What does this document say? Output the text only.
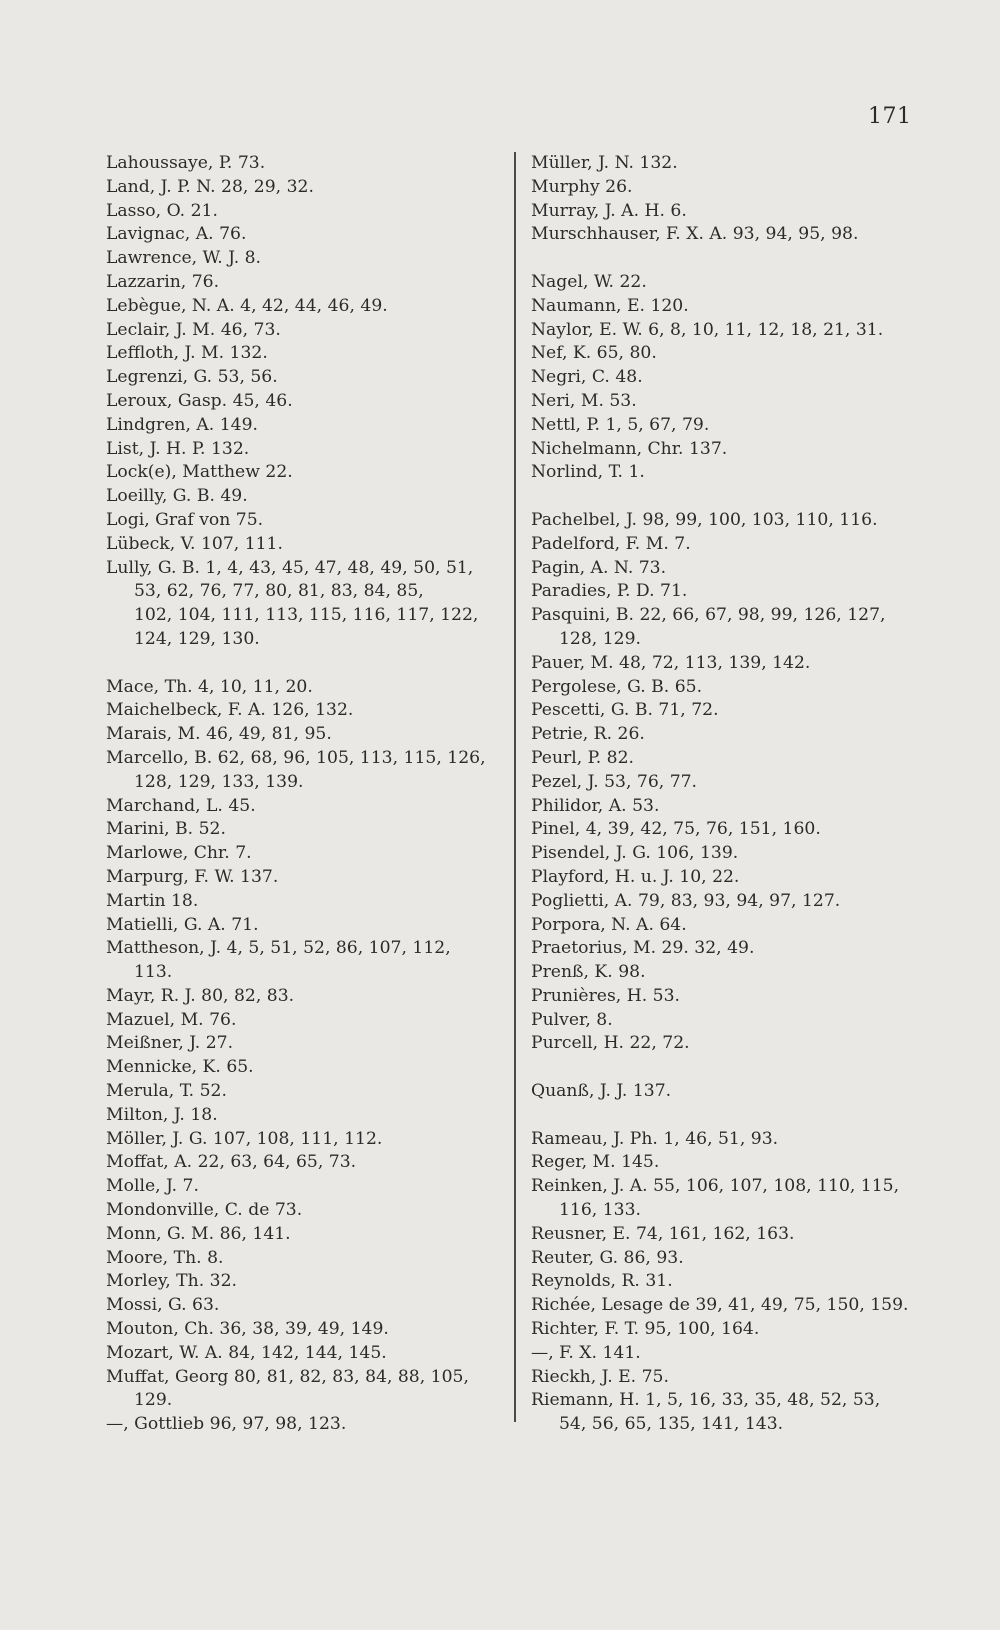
171
Lahoussaye, P. 73.
Land, J. P. N. 28, 29, 32.
Lasso, O. 21.
Lavignac, A. 76.
Lawrence, W. J. 8.
Lazzarin, 76.
Lebègue, N. A. 4, 42, 44, 46, 49.
Leclair, J. M. 46, 73.
Leffloth, J. M. 132.
Legrenzi, G. 53, 56.
Leroux, Gasp. 45, 46.
Lindgren, A. 149.
List, J. H. P. 132.
Lock(e), Matthew 22.
Loeilly, G. B. 49.
Logi, Graf von 75.
Lübeck, V. 107, 111.
Lully, G. B. 1, 4, 43, 45, 47, 48, 49, 50, 51,
53, 62, 76, 77, 80, 81, 83, 84, 85,
102, 104, 111, 113, 115, 116, 117, 122,
124, 129, 130.
Mace, Th. 4, 10, 11, 20.
Maichelbeck, F. A. 126, 132.
Marais, M. 46, 49, 81, 95.
Marcello, B. 62, 68, 96, 105, 113, 115, 126,
128, 129, 133, 139.
Marchand, L. 45.
Marini, B. 52.
Marlowe, Chr. 7.
Marpurg, F. W. 137.
Martin 18.
Matielli, G. A. 71.
Mattheson, J. 4, 5, 51, 52, 86, 107, 112,
113.
Mayr, R. J. 80, 82, 83.
Mazuel, M. 76.
Meißner, J. 27.
Mennicke, K. 65.
Merula, T. 52.
Milton, J. 18.
Möller, J. G. 107, 108, 111, 112.
Moffat, A. 22, 63, 64, 65, 73.
Molle, J. 7.
Mondonville, C. de 73.
Monn, G. M. 86, 141.
Moore, Th. 8.
Morley, Th. 32.
Mossi, G. 63.
Mouton, Ch. 36, 38, 39, 49, 149.
Mozart, W. A. 84, 142, 144, 145.
Muffat, Georg 80, 81, 82, 83, 84, 88, 105,
129.
—, Gottlieb 96, 97, 98, 123.
Müller, J. N. 132.
Murphy 26.
Murray, J. A. H. 6.
Murschhauser, F. X. A. 93, 94, 95, 98.
Nagel, W. 22.
Naumann, E. 120.
Naylor, E. W. 6, 8, 10, 11, 12, 18, 21, 31.
Nef, K. 65, 80.
Negri, C. 48.
Neri, M. 53.
Nettl, P. 1, 5, 67, 79.
Nichelmann, Chr. 137.
Norlind, T. 1.
Pachelbel, J. 98, 99, 100, 103, 110, 116.
Padelford, F. M. 7.
Pagin, A. N. 73.
Paradies, P. D. 71.
Pasquini, B. 22, 66, 67, 98, 99, 126, 127,
128, 129.
Pauer, M. 48, 72, 113, 139, 142.
Pergolese, G. B. 65.
Pescetti, G. B. 71, 72.
Petrie, R. 26.
Peurl, P. 82.
Pezel, J. 53, 76, 77.
Philidor, A. 53.
Pinel, 4, 39, 42, 75, 76, 151, 160.
Pisendel, J. G. 106, 139.
Playford, H. u. J. 10, 22.
Poglietti, A. 79, 83, 93, 94, 97, 127.
Porpora, N. A. 64.
Praetorius, M. 29. 32, 49.
Prenß, K. 98.
Prunières, H. 53.
Pulver, 8.
Purcell, H. 22, 72.
Quanß, J. J. 137.
Rameau, J. Ph. 1, 46, 51, 93.
Reger, M. 145.
Reinken, J. A. 55, 106, 107, 108, 110, 115,
116, 133.
Reusner, E. 74, 161, 162, 163.
Reuter, G. 86, 93.
Reynolds, R. 31.
Richée, Lesage de 39, 41, 49, 75, 150, 159.
Richter, F. T. 95, 100, 164.
—, F. X. 141.
Rieckh, J. E. 75.
Riemann, H. 1, 5, 16, 33, 35, 48, 52, 53,
54, 56, 65, 135, 141, 143.
